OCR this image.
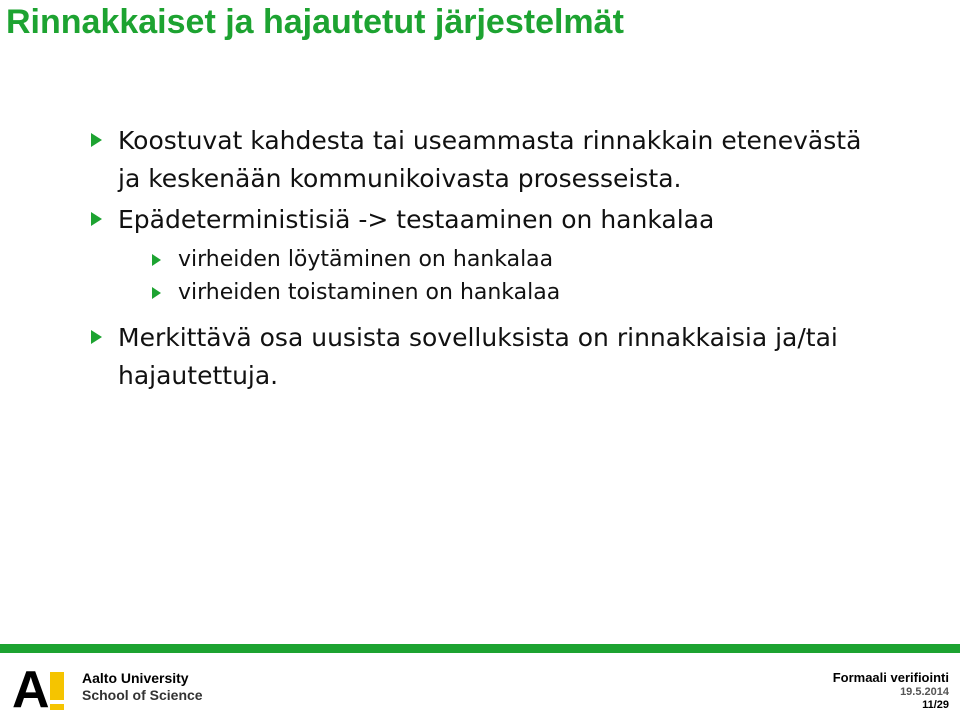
Rinnakkaiset ja hajautetut järjestelmät
Koostuvat kahdesta tai useammasta rinnakkain etenevästä
ja keskenään kommunikoivasta prosesseista.
Epädeterministisiä -> testaaminen on hankalaa
virheiden löytäminen on hankalaa
virheiden toistaminen on hankalaa
Merkittävä osa uusista sovelluksista on rinnakkaisia ja/tai
hajautettuja.
A Aalto University
School of Science
Formaali verifiointi
19.5.2014
11/29
